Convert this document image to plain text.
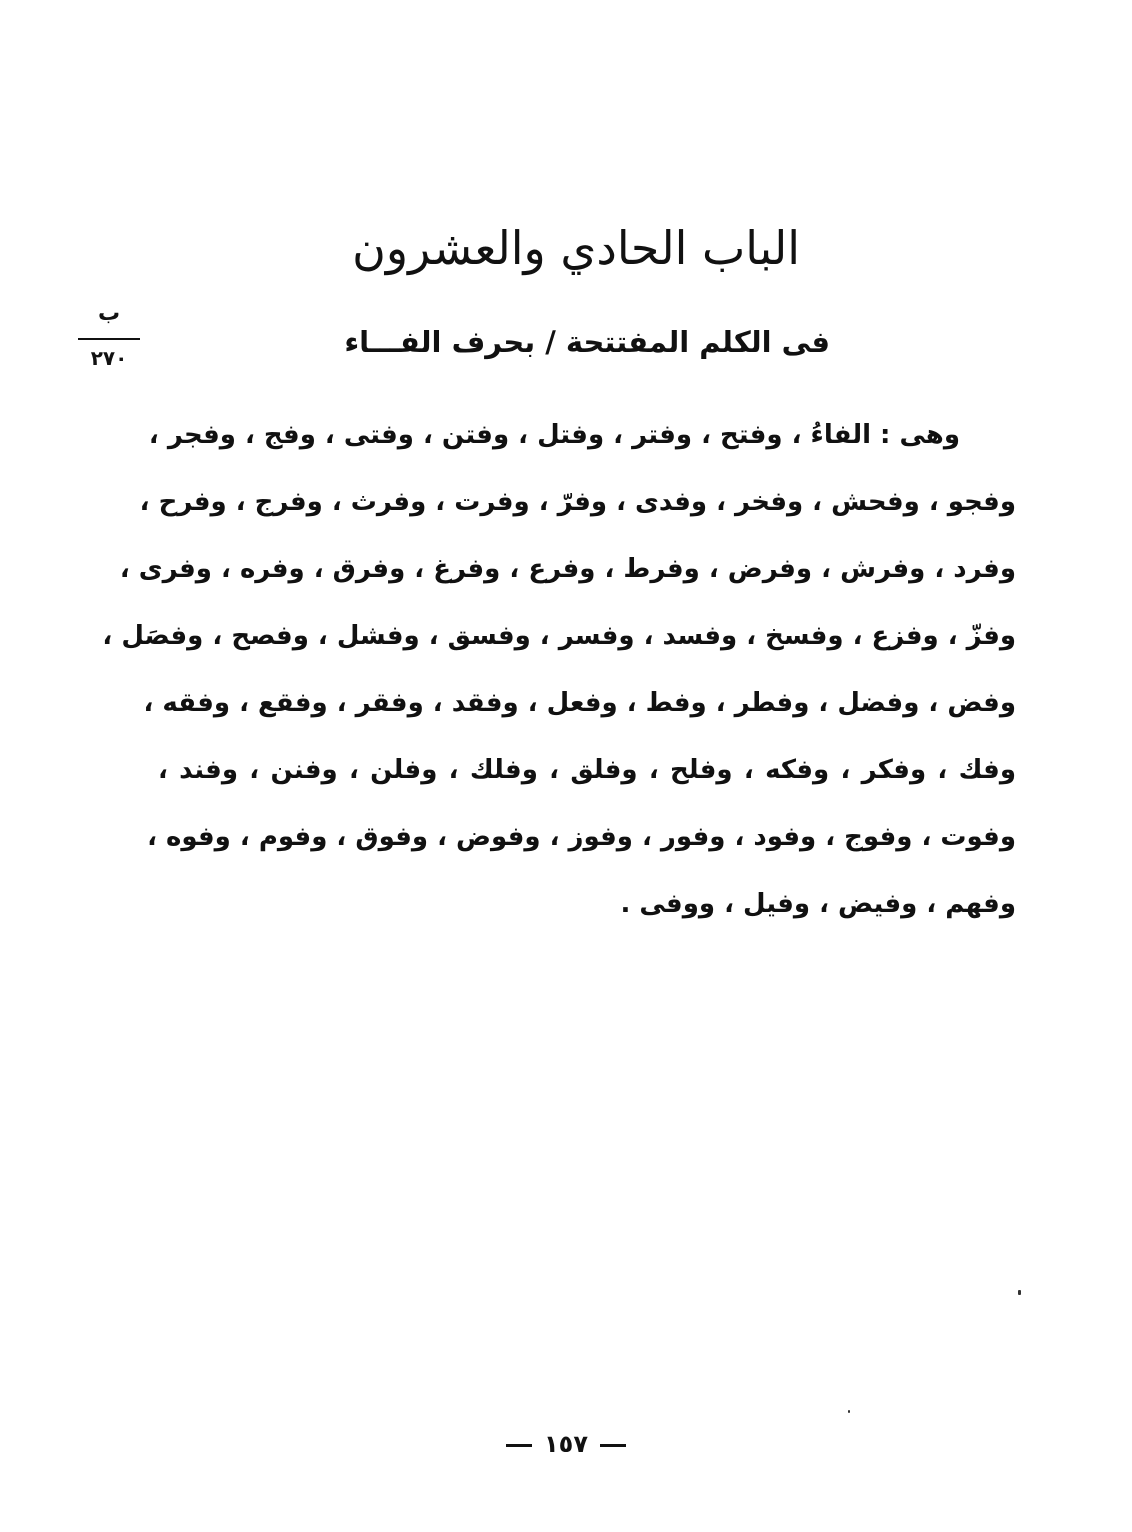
الباب الحادي والعشرون
فى الكلم المفتتحة / بحرف الفـــاء
ب
٢٧٠
وهى : الفاءُ ، وفتح ، وفتر ، وفتل ، وفتن ، وفتى ، وفج ، وفجر ،
وفجو ، وفحش ، وفخر ، وفدى ، وفرّ ، وفرت ، وفرث ، وفرج ، وفرح ،
وفرد ، وفرش ، وفرض ، وفرط ، وفرع ، وفرغ ، وفرق ، وفره ، وفرى ،
وفزّ ، وفزع ، وفسخ ، وفسد ، وفسر ، وفسق ، وفشل ، وفصح ، وفصَل ،
وفض ، وفضل ، وفطر ، وفط ، وفعل ، وفقد ، وفقر ، وفقع ، وفقه ،
وفك ، وفكر ، وفكه ، وفلح ، وفلق ، وفلك ، وفلن ، وفنن ، وفند ،
وفوت ، وفوج ، وفود ، وفور ، وفوز ، وفوض ، وفوق ، وفوم ، وفوه ،
وفهم ، وفيض ، وفيل ، ووفى .
١٥٧
